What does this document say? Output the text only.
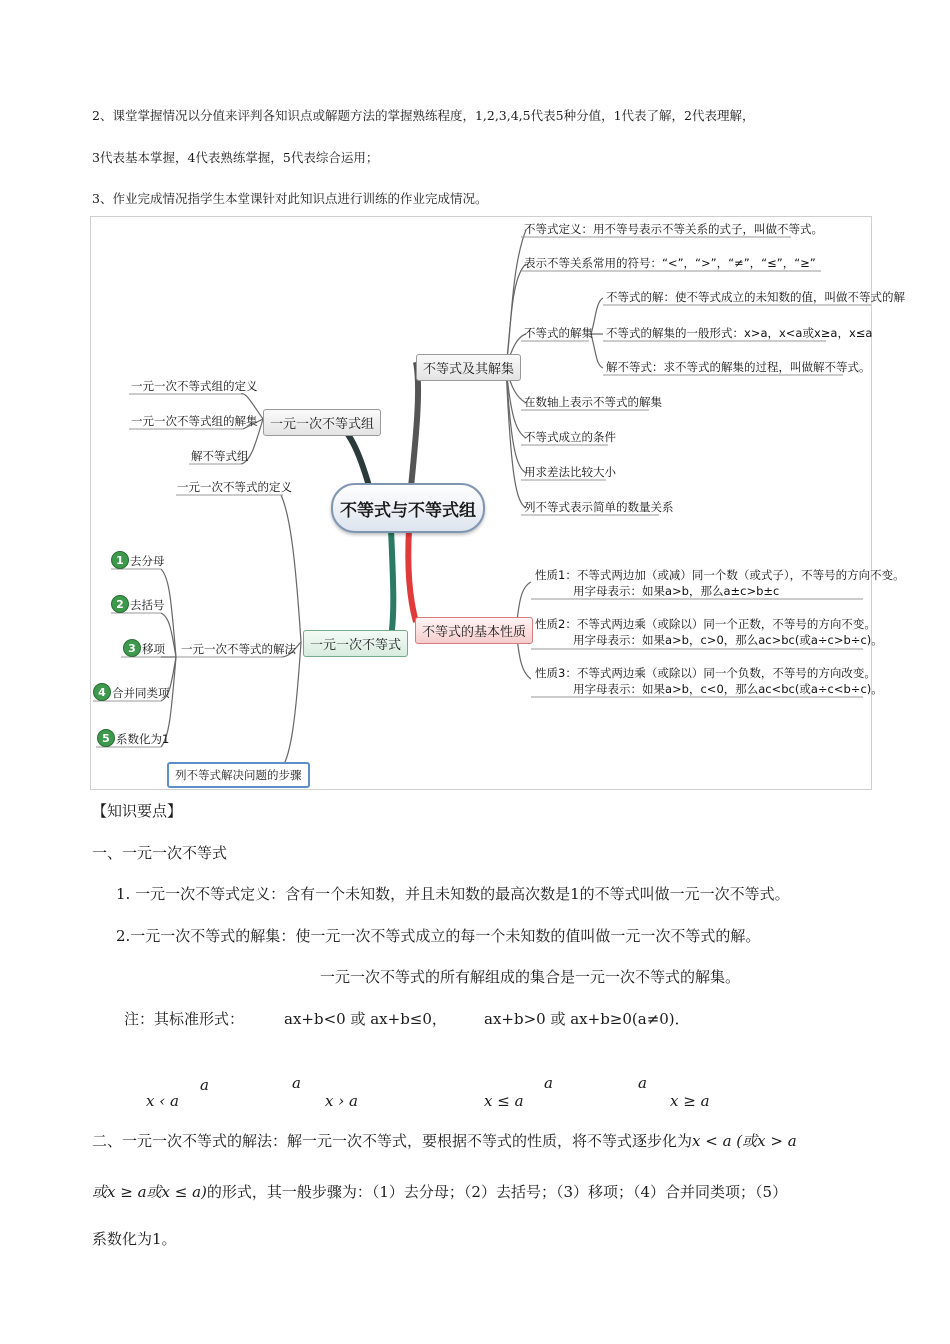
2、课堂掌握情况以分值来评判各知识点或解题方法的掌握熟练程度，1,2,3,4,5代表5种分值，1代表了解，2代表理解，
3代表基本掌握，4代表熟练掌握，5代表综合运用；
3、作业完成情况指学生本堂课针对此知识点进行训练的作业完成情况。
不等式与不等式组
不等式及其解集
一元一次不等式组
一元一次不等式
不等式的基本性质
不等式定义：用不等号表示不等关系的式子，叫做不等式。
表示不等关系常用的符号：“<”，“>”，“≠”，“≤”，“≥”
不等式的解集
不等式的解：使不等式成立的未知数的值，叫做不等式的解
不等式的解集的一般形式：x>a，x<a或x≥a，x≤a
解不等式：求不等式的解集的过程，叫做解不等式。
在数轴上表示不等式的解集
不等式成立的条件
用求差法比较大小
列不等式表示简单的数量关系
一元一次不等式组的定义
一元一次不等式组的解集
解不等式组
一元一次不等式的定义
一元一次不等式的解法
列不等式解决问题的步骤
1 去分母
2 去括号
3 移项
4 合并同类项
5 系数化为1
性质1：不等式两边加（或减）同一个数（或式子），不等号的方向不变。
用字母表示：如果a>b，那么a±c>b±c
性质2：不等式两边乘（或除以）同一个正数，不等号的方向不变。
用字母表示：如果a>b，c>0，那么ac>bc(或a÷c>b÷c)。
性质3：不等式两边乘（或除以）同一个负数，不等号的方向改变。
用字母表示：如果a>b，c<0，那么ac<bc(或a÷c<b÷c)。
【知识要点】
一、一元一次不等式
1. 一元一次不等式定义：含有一个未知数，并且未知数的最高次数是1的不等式叫做一元一次不等式。
2.一元一次不等式的解集：使一元一次不等式成立的每一个未知数的值叫做一元一次不等式的解。
一元一次不等式的所有解组成的集合是一元一次不等式的解集。
注：其标准形式：	ax+b<0 或 ax+b≤0， ax+b>0 或 ax+b≥0(a≠0)．
a
x ‹ a
a
x › a
a
x ≤ a
a
x ≥ a
二、一元一次不等式的解法：解一元一次不等式，要根据不等式的性质，将不等式逐步化为x < a (或x > a
或x ≥ a或x ≤ a)的形式，其一般步骤为：（1）去分母；（2）去括号；（3）移项；（4）合并同类项；（5）
系数化为1。
